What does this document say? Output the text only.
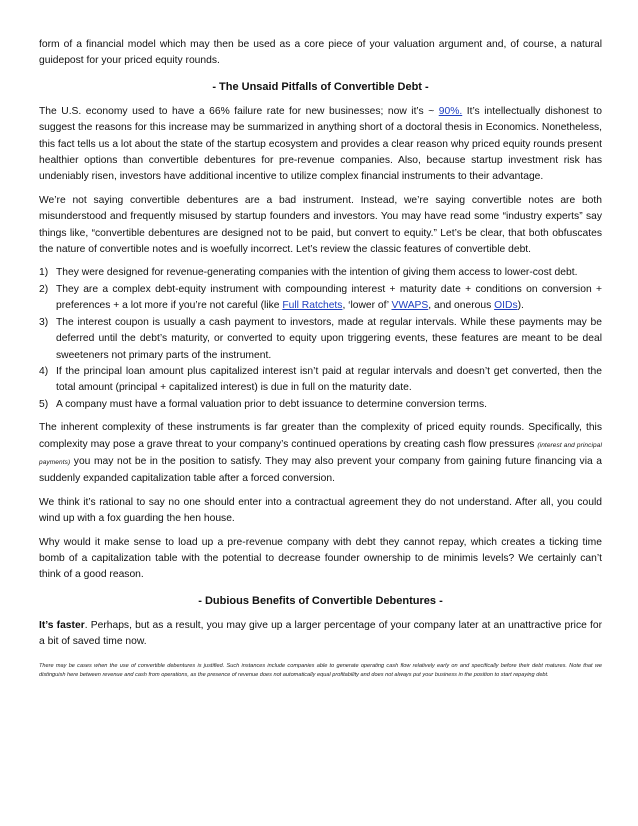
form of a financial model which may then be used as a core piece of your valuation argument and, of course, a natural guidepost for your priced equity rounds.

- The Unsaid Pitfalls of Convertible Debt -

The U.S. economy used to have a 66% failure rate for new businesses; now it’s ~ 90%. It’s intellectually dishonest to suggest the reasons for this increase may be summarized in anything short of a doctoral thesis in Economics. Nonetheless, this fact tells us a lot about the state of the startup ecosystem and provides a clear reason why priced equity rounds present healthier options than convertible debentures for pre-revenue companies. Also, because startup investment risk has undeniably risen, investors have additional incentive to utilize complex financial instruments to their advantage.

We’re not saying convertible debentures are a bad instrument. Instead, we’re saying convertible notes are both misunderstood and frequently misused by startup founders and investors. You may have read some “industry experts” say things like, “convertible debentures are designed not to be paid, but convert to equity.” Let’s be clear, that both obfuscates the nature of convertible notes and is woefully incorrect. Let’s review the classic features of convertible debt.

1) They were designed for revenue-generating companies with the intention of giving them access to lower-cost debt.
2) They are a complex debt-equity instrument with compounding interest + maturity date + conditions on conversion + preferences + a lot more if you’re not careful (like Full Ratchets, ‘lower of’ VWAPS, and onerous OIDs).
3) The interest coupon is usually a cash payment to investors, made at regular intervals. While these payments may be deferred until the debt’s maturity, or converted to equity upon triggering events, these features are meant to be deal sweeteners not primary parts of the instrument.
4) If the principal loan amount plus capitalized interest isn’t paid at regular intervals and doesn’t get converted, then the total amount (principal + capitalized interest) is due in full on the maturity date.
5) A company must have a formal valuation prior to debt issuance to determine conversion terms.

The inherent complexity of these instruments is far greater than the complexity of priced equity rounds. Specifically, this complexity may pose a grave threat to your company’s continued operations by creating cash flow pressures (interest and principal payments) you may not be in the position to satisfy. They may also prevent your company from gaining future financing via a suddenly expanded capitalization table after a forced conversion.

We think it’s rational to say no one should enter into a contractual agreement they do not understand. After all, you could wind up with a fox guarding the hen house.

Why would it make sense to load up a pre-revenue company with debt they cannot repay, which creates a ticking time bomb of a capitalization table with the potential to decrease founder ownership to de minimis levels? We certainly can’t think of a good reason.

- Dubious Benefits of Convertible Debentures -

It’s faster. Perhaps, but as a result, you may give up a larger percentage of your company later at an unattractive price for a bit of saved time now.

There may be cases when the use of convertible debentures is justified. Such instances include companies able to generate operating cash flow relatively early on and specifically before their debt matures. Note that we distinguish here between revenue and cash from operations, as the presence of revenue does not automatically equal profitability and does not always put your business in the position to start repaying debt.
